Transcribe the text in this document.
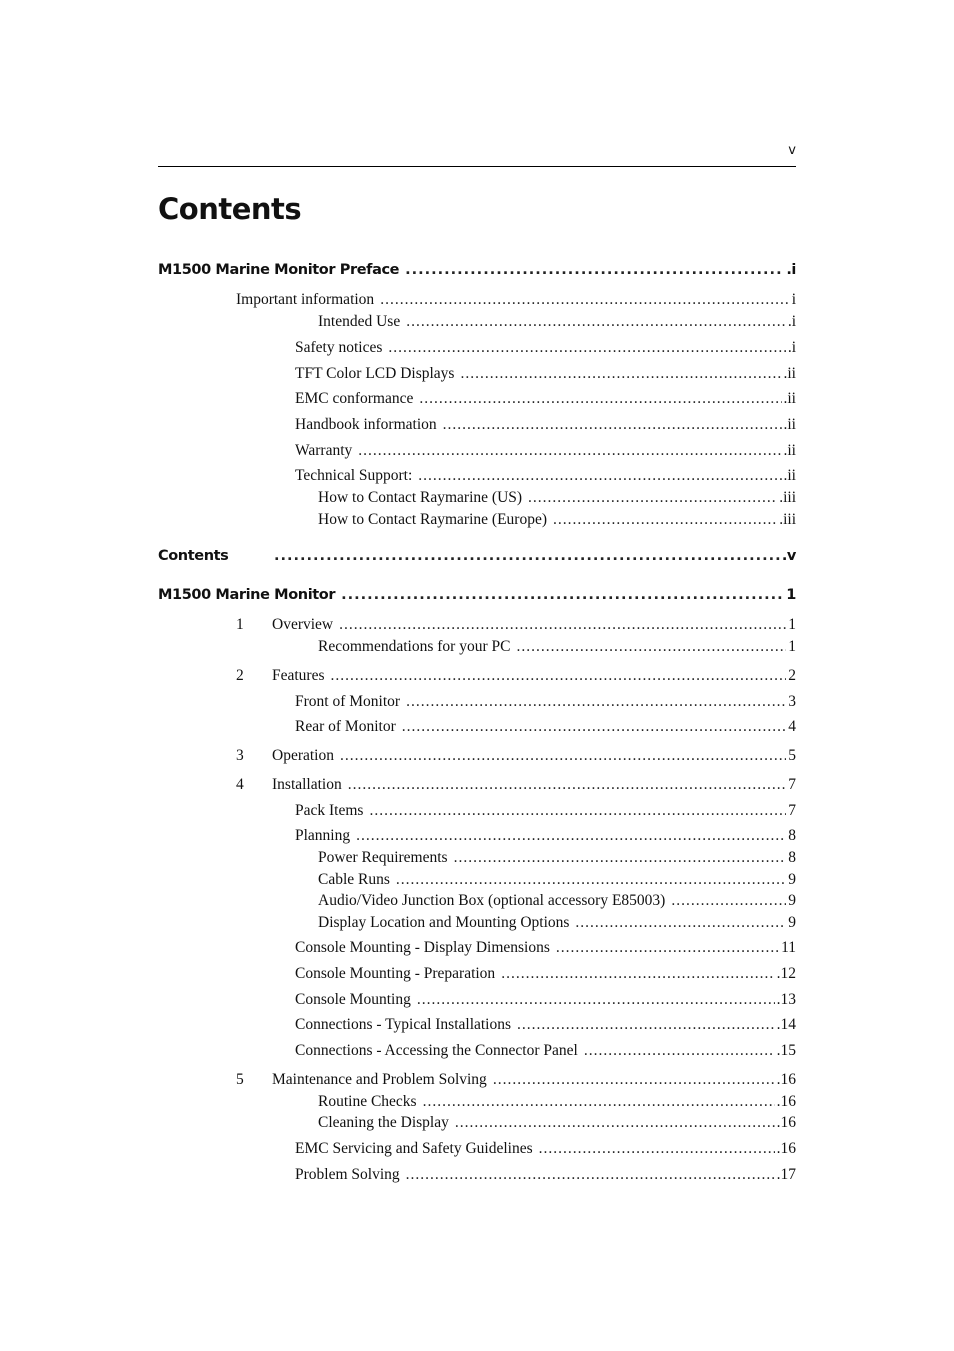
v
Contents
M1500 Marine Monitor Preface .....	.i
Important information .....	i
Intended Use .....	.i
Safety notices .....	.i
TFT Color LCD Displays .....	.ii
EMC conformance .....	.ii
Handbook information .....	.ii
Warranty .....	.ii
Technical Support: .....	.ii
How to Contact Raymarine (US) .....	.iii
How to Contact Raymarine (Europe) .....	.iii
Contents .....	.v
M1500 Marine Monitor .....	1
1 Overview .....	1
Recommendations for your PC .....	1
2 Features .....	2
Front of Monitor .....	3
Rear of Monitor .....	4
3 Operation .....	5
4 Installation .....	7
Pack Items .....	7
Planning .....	8
Power Requirements .....	8
Cable Runs .....	9
Audio/Video Junction Box (optional accessory E85003) .....	9
Display Location and Mounting Options .....	9
Console Mounting - Display Dimensions .....	11
Console Mounting - Preparation .....	.12
Console Mounting .....	.13
Connections - Typical Installations .....	.14
Connections - Accessing the Connector Panel .....	.15
5 Maintenance and Problem Solving .....	.16
Routine Checks .....	.16
Cleaning the Display .....	.16
EMC Servicing and Safety Guidelines .....	.16
Problem Solving .....	.17
